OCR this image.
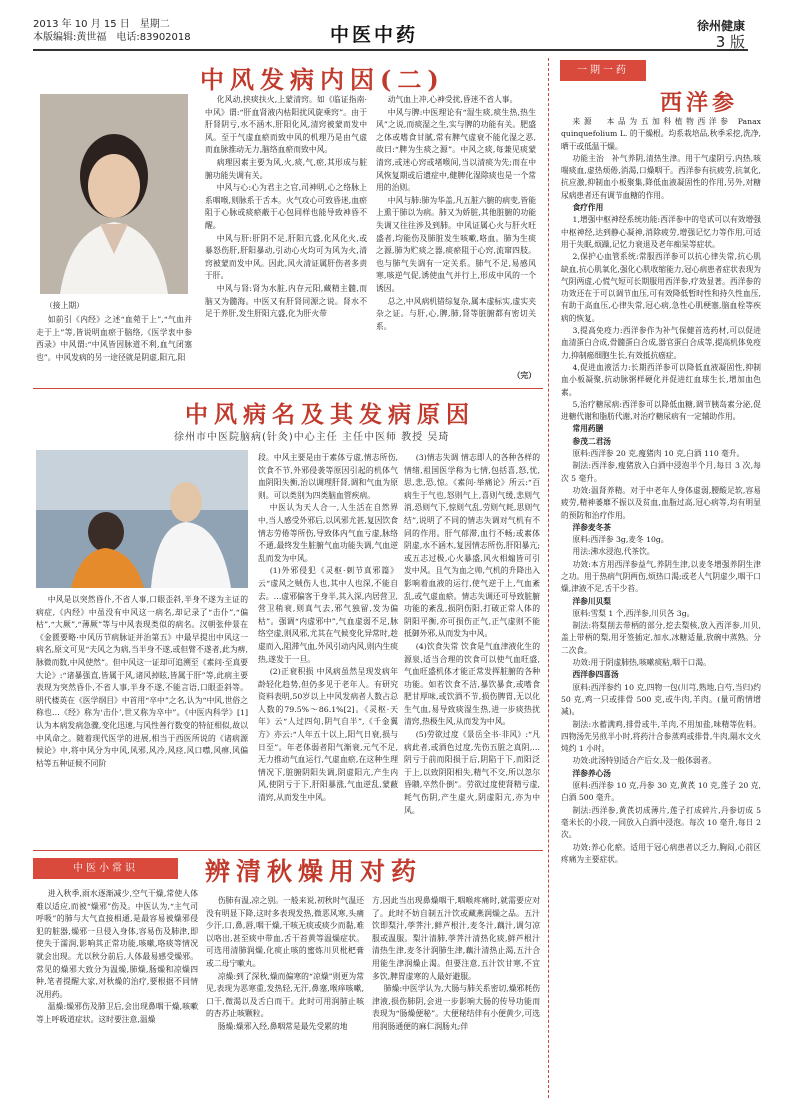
2013 年 10 月 15 日　星期二
本版编辑:黄世福　电话:83902018	中医中药	徐州健康
3 版
中风发病内因(二)
（接上期）

如前引《内经》之述“血菀于上”,“气血并走于上”等,皆说明血瘀于脑络,《医学衷中参西录》中风谓:“中风皆因脉道不利,血气闭塞也”。中风发病的另一途径就是阴虚,阳亢,阳

化风动,挟痰扶火,上蒙清窍。如《临证指南·中风》谓:“肝血肾液内枯阳扰风旋乘窍”。由于肝肾阴亏,水不涵木,肝阳化风,清窍被蒙而发中风。至于气虚血瘀而致中风的机理乃是由气虚而血脉推动无力,脑络血瘀而致中风。

病理因素主要为风,火,痰,气,瘀,其形成与脏腑功能失调有关。

中风与心:心为君主之官,司神明,心之络脉上系咽喉,则脉系于舌本。火气攻心可致昏迷,血瘀阻于心脉或痰瘀蔽于心包同样也能导致神昏不醒。

中风与肝:肝阴不足,肝阳亢盛,化风化火,或暴怒伤肝,肝阳暴动,引动心火均可为风为火,清窍被蒙而发中风。因此,风火清证属肝伤者多责于肝。

中风与肾:肾为水脏,内存元阳,藏精主髓,而脑又为髓海。中医又有肝肾同源之说。肾水不足于养肝,发生肝阳亢盛,化为肝火带

动气血上冲,心神受扰,昏迷不省人事。

中风与脾:中医理论有“湿生痰,痰生热,热生风”之说,而痰湿之生,实与脾的功能有关。肥盛之体或嗜食甘腻,常有脾气虚衰不能化湿之恶,故曰:“脾为生痰之源”。中风之痰,每兼见痰蒙清窍,或迷心窍或堵喉间,当以清痰为先;而在中风恢复期或后遗症中,健脾化湿除痰也是一个常用的治则。

中风与肺:肺为华盖,凡五脏六腑的病变,皆能上熏于肺以为病。肺又为娇脏,其他脏腑的功能失调又往往涉及到肺。中风证属心火与肝火旺盛者,均能伤及肺脏发生咳嗽,咯血。肺为生痰之源,肺为贮痰之器,痰瘀阻于心窍,流窜四肢。也与肺气失调有一定关系。肺气不足,易感风寒,咳逆气促,诱使血气并行上,形成中风的一个诱因。

总之,中风病机错综复杂,属本虚标实,虚实夹杂之证。与肝,心,脾,肺,肾等脏腑都有密切关系。

（完）
中风病名及其发病原因
徐州市中医院脑病(针灸)中心主任 主任中医师 教授 吴琦

中风是以突然昏仆,不省人事,口眼歪斜,半身不遂为主证的病症,《内经》中虽没有中风这一病名,却记录了“击仆”,“偏枯”,“大厥”,“薄厥”等与中风表现类似的病名。汉朝张仲景在《金匮要略·中风历节病脉证并治第五》中最早提出中风这一病名,原文可见“夫风之为病,当半身不遂,或但臂不遂者,此为痹,脉微而数,中风使然”。但中风这一证却可追溯至《素问·至真要大论》:“诸暴强直,皆属于风,诸风掉眩,皆属于肝”等,此病主要表现为突然昏仆,不省人事,半身不遂,不能言语,口眼歪斜等。明代楼英在《医学纲目》中首用“卒中”之名,认为“中风,世俗之称也…《经》称为‘击仆’,世又称为卒中”。《中医内科学》[1]认为本病发病急骤,变化迅速,与风性善行数变的特征相似,故以中风命之。随着现代医学的进展,相当于西医所说的《诸病源候论》中,将中风分为中风,风邪,风冷,风痉,风口噤,风痹,风偏枯等五种证候不同阶

段。中风主要是由于素体亏虚,情志所伤,饮食不节,外邪侵袭等原因引起的机体气血阴阳失衡,治以调理肝肾,调和气血为原则。可以类别为四类脑血管疾病。

中医认为天人合一,人生活在自然界中,当人感受外邪后,以风邪尤甚,复因饮食情志劳倦等所伤,导致体内气血亏虚,脉络不通,最终发生脏腑气血功能失调,气血逆乱而发为中风。

(1)外邪侵犯《灵枢·刺节真邪篇》云“虚风之贼伤人也,其中人也深,不能自去。…虚邪偏客于身半,其入深,内居营卫,营卫稍衰,则真气去,邪气独留,发为偏枯”。强调“内虚邪中”,气血虚弱不足,脉络空虚,则风邪,尤其在气候变化异常时,趁虚而入,阻滞气血,外风引动内风,则内生痰热,遂发于一旦。

(2)正衰积损 中风病虽然呈现发病年龄轻化趋势,但仍多见于老年人。有研究资料表明,50岁以上中风发病者人数占总人数的79.5%～86.1%[2]。《灵枢·天年》云“人过四旬,阴气自半”,《千金翼方》亦云:“人年五十以上,阳气日衰,损与日至”。年老体弱者阳气渐衰,元气不足,无力推动气血运行,气虚血瘀,在这种生理情况下,脏腑阴阳失调,阴虚阳亢,产生内风,使阴亏于下,肝阳暴涨,气血逆乱,蒙蔽清窍,从而发生中风。

(3)情志失调 情志即人的各种各样的情绪,祖国医学称为七情,包括喜,怒,忧,思,悲,恐,惊。《素问·举痛论》所云:“百病生于气也,怒则气上,喜则气缓,悲则气消,恐则气下,惊则气乱,劳则气耗,思则气结”,说明了不同的情志失调对气机有不同的作用。肝气郁滞,血行不畅;或素体阴虚,水不涵木,复因情志所伤,肝阳暴亢;或五志过极,心火暴盛,风火相煽皆可引发中风。且气为血之帅,气机的升降出入影响着血液的运行,使气逆于上,气血紊乱,或气虚血瘀。情志失调还可导致脏腑功能的紊乱,损阴伤阳,打破正常人体的阴阳平衡,亦可损伤正气,正气虚则不能抵御外邪,从而发为中风。

(4)饮食失常 饮食是气血津液化生的源泉,适当合理的饮食可以使气血旺盛,气血旺盛机体才能正常发挥脏腑的各种功能。如若饮食不洁,暴饮暴食,或嗜食肥甘厚味,或饮酒不节,损伤脾胃,无以化生气血,易导致痰湿生热,进一步痰热扰清窍,热极生风,从而发为中风。

(5)劳欲过度《景岳全书·非风》:“凡病此者,或酒色过度,先伤五脏之真阴,…阴亏于前而阳损于后,阴陷于下,而阳泛于上,以致阴阳相失,精气不交,所以忽尔昏聩,卒然仆倒”。劳欲过度使肾精亏虚,耗气伤阴,产生虚火,阴虚阳亢,亦为中风。

中医小常识	辨清秋燥用对药

进入秋季,雨水逐渐减少,空气干燥,常使人体难以适应,而被“燥邪”伤及。中医认为,“主气司呼吸”的肺与大气直接相通,是最容易被燥邪侵犯的脏器,燥邪一旦侵入身体,容易伤及肺津,即使失于濡润,影响其正常功能,咳嗽,咯痰等情况就会出现。尤以秋分前后,人体最易感受燥邪。常见的燥邪大致分为温燥,肺燥,肠燥和凉燥四种,笔者提醒大家,对秋燥的治疗,要根据不同情况用药。

温燥:燥邪伤及肺卫后,会出现鼻咽干燥,咳嗽等上呼吸道症状。这时要注意,温燥

伤肺有温,凉之别。一般来说,初秋时气温还没有明显下降,这时多表现发热,微恶风寒,头痛少汗,口,鼻,唇,咽干燥,干咳无痰或痰少而黏,难以咯出,甚至痰中带血,舌干苔黄等温燥症状。可选用清肺润燥,化痰止咳的蜜炼川贝枇杷膏或二母宁嗽丸。

凉燥:到了深秋,燥而偏寒的“凉燥”则更为常见,表现为恶寒重,发热轻,无汗,鼻塞,喉痒咳嗽,口干,微渴以及舌白而干。此时可用润肺止咳的杏苏止咳颗粒。

肠燥:燥邪入经,鼻咽常是最先受累的地

方,因此当出现鼻燥咽干,咽喉疼痛时,就需要应对了。此时不妨自制五汁饮或藏燕润燥之品。五汁饮即梨汁,荸荠汁,鲜芦根汁,麦冬汁,藕汁,调匀凉服或温服。梨汁清肺,荸荠汁清热化痰,鲜芦根汁清热生津,麦冬汁润肺生津,藕汁清热止渴,五汁合用能生津润燥止渴。但要注意,五汁饮甘寒,不宜多饮,脾胃虚寒的人最好避服。

肺燥:中医学认为,大肠与肺关系密切,燥邪耗伤津液,损伤肺阴,会进一步影响大肠的传导功能而表现为“肠燥便秘”。大便秘结伴有小便黄少,可选用润肠通便的麻仁润肠丸;伴

一期一药
西洋参

来源　本品为五加科植物西洋参 Panax quinquefolium L. 的干燥根。均系栽培品,秋季采挖,洗净,晒干或低温干燥。

功能主治　补气养阴,清热生津。用于气虚阴亏,内热,咳喘痰血,虚热烦倦,消渴,口燥咽干。西洋参有抗疲劳,抗氧化,抗应激,抑制血小板聚集,降低血液凝固性的作用,另外,对糖尿病患者还有调节血糖的作用。

食疗作用

1,增强中枢神经系统功能:西洋参中的皂甙可以有效增强中枢神经,达到静心凝神,消除疲劳,增强记忆力等作用,可适用于失眠,烦躁,记忆力衰退及老年痴呆等症状。

2,保护心血管系统:常服西洋参可以抗心律失常,抗心肌缺血,抗心肌氧化,强化心肌收缩能力,冠心病患者症状表现为气阴两虚,心慌气短可长期服用西洋参,疗效显著。西洋参的功效还在于可以调节血压,可有效降低暂时性和持久性血压,有助于高血压,心律失常,冠心病,急性心肌梗塞,脑血栓等疾病的恢复。

3,提高免疫力:西洋参作为补气保健首选药材,可以促进血清蛋白合成,骨髓蛋白合成,器官蛋白合成等,提高机体免疫力,抑制癌细胞生长,有效抵抗癌症。

4,促进血液活力:长期西洋参可以降低血液凝固性,抑制血小板凝聚,抗动脉粥样硬化并促进红血球生长,增加血色素。

5,治疗糖尿病:西洋参可以降低血糖,调节胰岛素分泌,促进糖代谢和脂肪代谢,对治疗糖尿病有一定辅助作用。

常用药膳

参茂二君汤

原料:西洋参 20 克,瘦猪肉 10 克,白酒 110 毫升。

制法:西洋参,瘦猪放入白酒中浸泡半个月,每日 3 次,每次 5 毫升。

功效:温肾养精。对于中老年人身体虚弱,腰酸足软,容易疲劳,精神萎靡不振以及贫血,血脂过高,冠心病等,均有明显的预防和治疗作用。

洋参麦冬茶

原料:西洋参 3g,麦冬 10g。

用法:沸水浸泡,代茶饮。

功效:本方用西洋参益气,养阴生津,以麦冬增强养阴生津之功。用于热病气阴两伤,烦热口渴;或老人气阴虚少,咽干口燥,津液不足,舌干少苔。

洋参川贝梨

原料:雪梨 1 个,西洋参,川贝各 3g。

制法:将梨削去带柄的部分,挖去梨核,放入西洋参,川贝,盖上带柄的梨,用牙签插定,加水,冰糖适量,放碗中蒸熟。分二次食。

功效:用于阴虚肺热,咳嗽痰粘,咽干口渴。

西洋参四喜汤

原料:西洋参约 10 克,四物一包(川芎,熟地,白芍,当归)约 50 克,鸡一只或排骨 500 克,或牛肉,羊肉。(量可酌情增减)。

制法:水蓄满鸡,排骨或牛,羊肉,不用加盐,味精等佐料。四物汤先另煎半小时,将药汁合参蒸鸡或排骨,牛肉,隔水文火炖约 1 小时。

功效:此汤特别适合产后女,及一般体弱者。

洋参养心汤

原料:西洋参 10 克,丹参 30 克,黄芪 10 克,莲子 20 克,白酒 500 毫升。

制法:西洋参,黄芪切成薄片,莲子打成碎片,丹参切成 5 毫米长的小段,一同放入白酒中浸泡。每次 10 毫升,每日 2 次。

功效:养心化瘀。适用于冠心病患者以乏力,胸闷,心前区疼痛为主要症状。
